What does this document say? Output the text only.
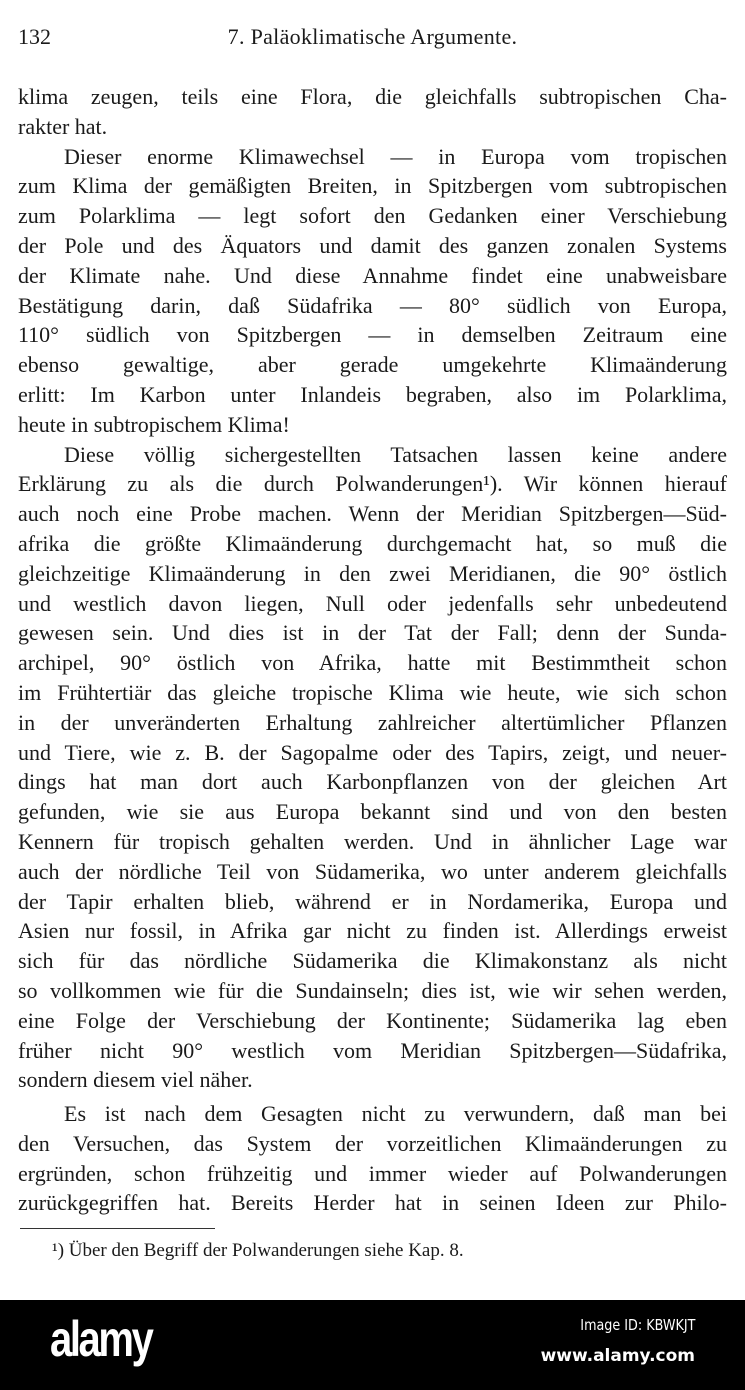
132	7. Paläoklimatische Argumente.
klima zeugen, teils eine Flora, die gleichfalls subtropischen Cha-
rakter hat.
Dieser enorme Klimawechsel — in Europa vom tropischen
zum Klima der gemäßigten Breiten, in Spitzbergen vom subtropischen
zum Polarklima — legt sofort den Gedanken einer Verschiebung
der Pole und des Äquators und damit des ganzen zonalen Systems
der Klimate nahe. Und diese Annahme findet eine unabweisbare
Bestätigung darin, daß Südafrika — 80° südlich von Europa,
110° südlich von Spitzbergen — in demselben Zeitraum eine
ebenso gewaltige, aber gerade umgekehrte Klimaänderung
erlitt: Im Karbon unter Inlandeis begraben, also im Polarklima,
heute in subtropischem Klima!
Diese völlig sichergestellten Tatsachen lassen keine andere
Erklärung zu als die durch Polwanderungen¹). Wir können hierauf
auch noch eine Probe machen. Wenn der Meridian Spitzbergen—Süd-
afrika die größte Klimaänderung durchgemacht hat, so muß die
gleichzeitige Klimaänderung in den zwei Meridianen, die 90° östlich
und westlich davon liegen, Null oder jedenfalls sehr unbedeutend
gewesen sein. Und dies ist in der Tat der Fall; denn der Sunda-
archipel, 90° östlich von Afrika, hatte mit Bestimmtheit schon
im Frühtertiär das gleiche tropische Klima wie heute, wie sich schon
in der unveränderten Erhaltung zahlreicher altertümlicher Pflanzen
und Tiere, wie z. B. der Sagopalme oder des Tapirs, zeigt, und neuer-
dings hat man dort auch Karbonpflanzen von der gleichen Art
gefunden, wie sie aus Europa bekannt sind und von den besten
Kennern für tropisch gehalten werden. Und in ähnlicher Lage war
auch der nördliche Teil von Südamerika, wo unter anderem gleichfalls
der Tapir erhalten blieb, während er in Nordamerika, Europa und
Asien nur fossil, in Afrika gar nicht zu finden ist. Allerdings erweist
sich für das nördliche Südamerika die Klimakonstanz als nicht
so vollkommen wie für die Sundainseln; dies ist, wie wir sehen werden,
eine Folge der Verschiebung der Kontinente; Südamerika lag eben
früher nicht 90° westlich vom Meridian Spitzbergen—Südafrika,
sondern diesem viel näher.
Es ist nach dem Gesagten nicht zu verwundern, daß man bei
den Versuchen, das System der vorzeitlichen Klimaänderungen zu
ergründen, schon frühzeitig und immer wieder auf Polwanderungen
zurückgegriffen hat. Bereits Herder hat in seinen Ideen zur Philo-
¹) Über den Begriff der Polwanderungen siehe Kap. 8.
alamy	Image ID: KBWKJT
www.alamy.com
